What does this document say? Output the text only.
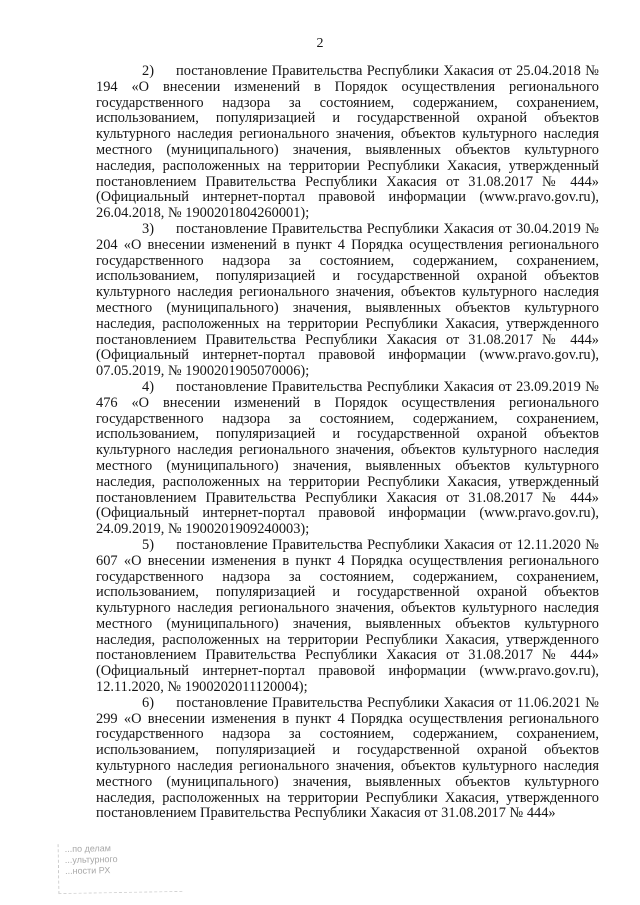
2

2)     постановление Правительства Республики Хакасия от 25.04.2018 № 194 «О внесении изменений в Порядок осуществления регионального государственного надзора за состоянием, содержанием, сохранением, использованием, популяризацией и государственной охраной объектов культурного наследия регионального значения, объектов культурного наследия местного (муниципального) значения, выявленных объектов культурного наследия, расположенных на территории Республики Хакасия, утвержденный постановлением Правительства Республики Хакасия от 31.08.2017 № 444» (Официальный интернет-портал правовой информации (www.pravo.gov.ru), 26.04.2018, № 1900201804260001);

3)     постановление Правительства Республики Хакасия от 30.04.2019 № 204 «О внесении изменений в пункт 4 Порядка осуществления регионального государственного надзора за состоянием, содержанием, сохранением, использованием, популяризацией и государственной охраной объектов культурного наследия регионального значения, объектов культурного наследия местного (муниципального) значения, выявленных объектов культурного наследия, расположенных на территории Республики Хакасия, утвержденного постановлением Правительства Республики Хакасия от 31.08.2017 № 444» (Официальный интернет-портал правовой информации (www.pravo.gov.ru), 07.05.2019, № 1900201905070006);

4)     постановление Правительства Республики Хакасия от 23.09.2019 № 476 «О внесении изменений в Порядок осуществления регионального государственного надзора за состоянием, содержанием, сохранением, использованием, популяризацией и государственной охраной объектов культурного наследия регионального значения, объектов культурного наследия местного (муниципального) значения, выявленных объектов культурного наследия, расположенных на территории Республики Хакасия, утвержденный постановлением Правительства Республики Хакасия от 31.08.2017 № 444» (Официальный интернет-портал правовой информации (www.pravo.gov.ru), 24.09.2019, № 1900201909240003);

5)     постановление Правительства Республики Хакасия от 12.11.2020 № 607 «О внесении изменения в пункт 4 Порядка осуществления регионального государственного надзора за состоянием, содержанием, сохранением, использованием, популяризацией и государственной охраной объектов культурного наследия регионального значения, объектов культурного наследия местного (муниципального) значения, выявленных объектов культурного наследия, расположенных на территории Республики Хакасия, утвержденного постановлением Правительства Республики Хакасия от 31.08.2017 № 444» (Официальный интернет-портал правовой информации (www.pravo.gov.ru), 12.11.2020, № 1900202011120004);

6)     постановление Правительства Республики Хакасия от 11.06.2021 № 299 «О внесении изменения в пункт 4 Порядка осуществления регионального государственного надзора за состоянием, содержанием, сохранением, использованием, популяризацией и государственной охраной объектов культурного наследия регионального значения, объектов культурного наследия местного (муниципального) значения, выявленных объектов культурного наследия, расположенных на территории Республики Хакасия, утвержденного постановлением Правительства Республики Хакасия от 31.08.2017 № 444»

...по делам
...ультурного
...ности РХ
